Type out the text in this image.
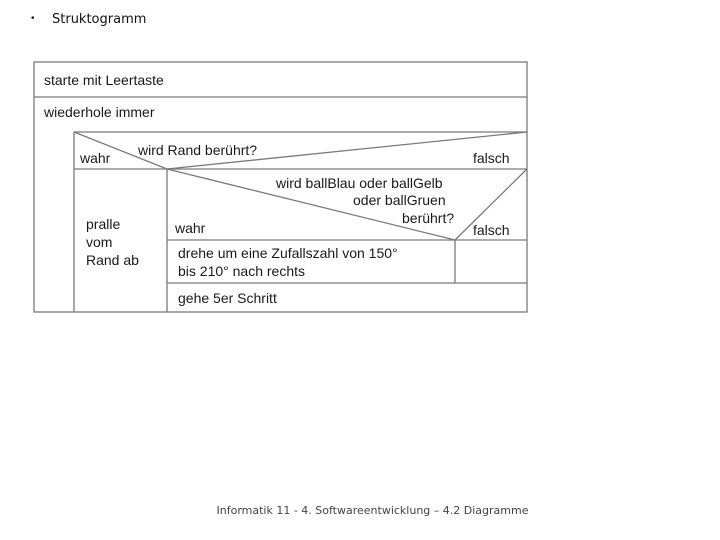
• Struktogramm
starte mit Leertaste
wiederhole immer
wird Rand berührt?
wahr	falsch
pralle
vom
Rand ab
wird ballBlau oder ballGelb
oder ballGruen
berührt?
wahr	falsch
drehe um eine Zufallszahl von 150°
bis 210° nach rechts
gehe 5er Schritt
Informatik 11 - 4. Softwareentwicklung – 4.2 Diagramme
